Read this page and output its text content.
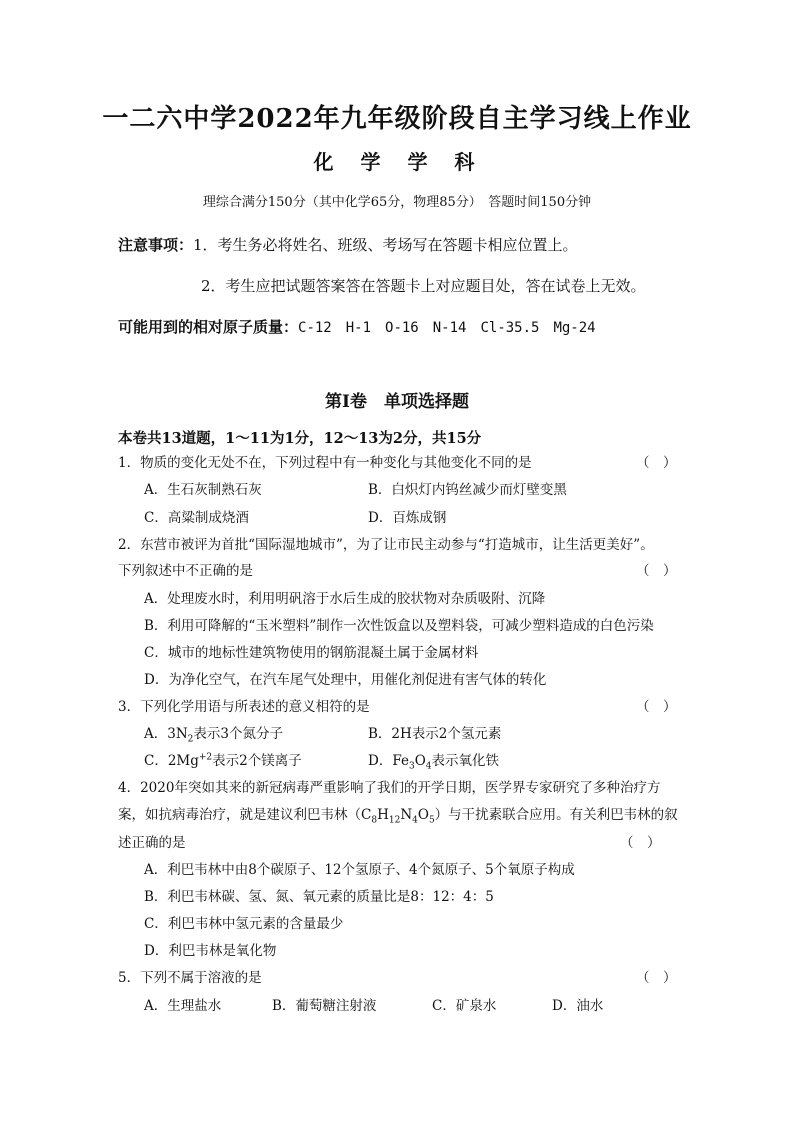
一二六中学2022年九年级阶段自主学习线上作业
化 学 学 科
理综合满分150分（其中化学65分，物理85分）　答题时间150分钟
注意事项：1．考生务必将姓名、班级、考场写在答题卡相应位置上。
2．考生应把试题答案答在答题卡上对应题目处，答在试卷上无效。
可能用到的相对原子质量：C-12　H-1　O-16　N-14　Cl-35.5　Mg-24
第Ⅰ卷　单项选择题
本卷共13道题，1～11为1分，12～13为2分，共15分
1．物质的变化无处不在，下列过程中有一种变化与其他变化不同的是	（　）
A．生石灰制熟石灰	B．白炽灯内钨丝减少而灯壁变黑
C．高粱制成烧酒	D．百炼成钢
2．东营市被评为首批“国际湿地城市”，为了让市民主动参与“打造城市，让生活更美好”。
下列叙述中不正确的是	（　）
A．处理废水时，利用明矾溶于水后生成的胶状物对杂质吸附、沉降
B．利用可降解的“玉米塑料”制作一次性饭盒以及塑料袋，可减少塑料造成的白色污染
C．城市的地标性建筑物使用的钢筋混凝土属于金属材料
D．为净化空气，在汽车尾气处理中，用催化剂促进有害气体的转化
3．下列化学用语与所表述的意义相符的是	（　）
A．$3N_2$表示3个氮分子	B．2H表示2个氢元素
C．$2Mg^{+2}$表示2个镁离子	D．$Fe_3O_4$表示氧化铁
4．2020年突如其来的新冠病毒严重影响了我们的开学日期，医学界专家研究了多种治疗方
案，如抗病毒治疗，就是建议利巴韦林$(C_8H_{12}N_4O_5)$与干扰素联合应用。有关利巴韦林的叙
述正确的是	（　）
A．利巴韦林中由8个碳原子、12个氢原子、4个氮原子、5个氧原子构成
B．利巴韦林碳、氢、氮、氧元素的质量比是8：12：4：5
C．利巴韦林中氢元素的含量最少
D．利巴韦林是氧化物
5．下列不属于溶液的是	（　）
A．生理盐水	B．葡萄糖注射液	C．矿泉水	D．油水
